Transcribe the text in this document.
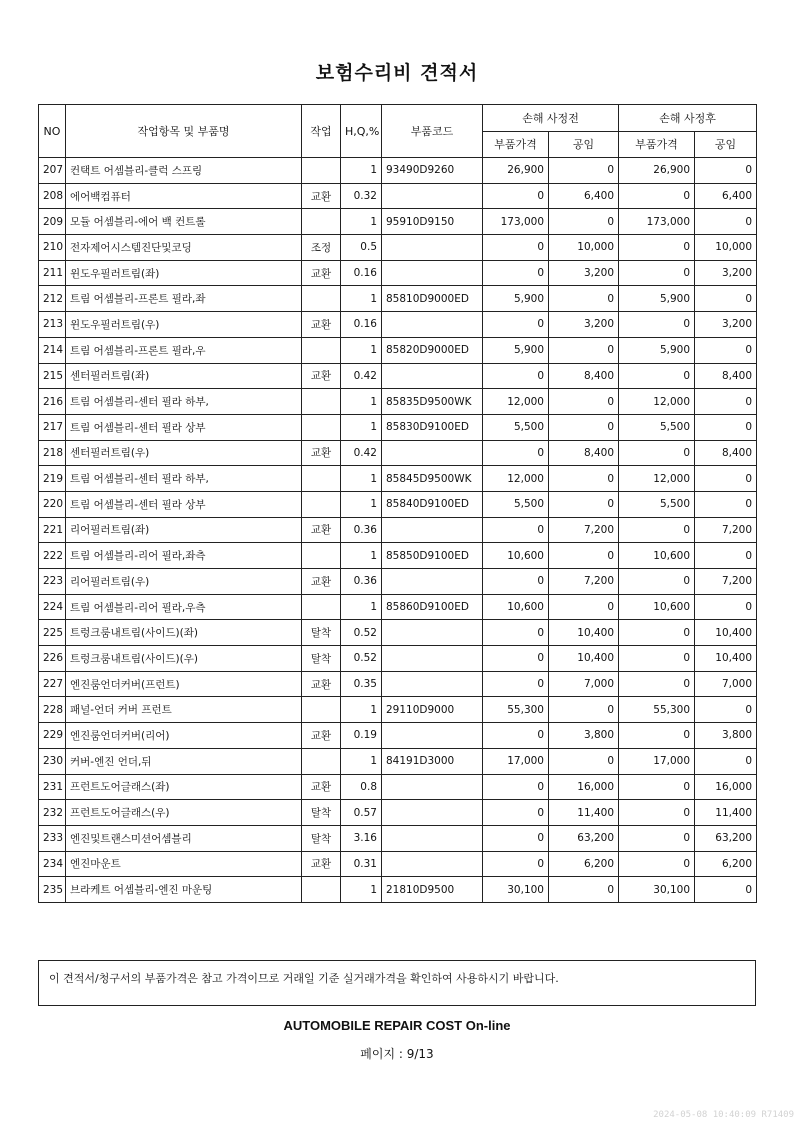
보험수리비 견적서
NO	작업항목 및 부품명	작업	H,Q,%	부품코드	손해 사정전		손해 사정후	
					부품가격	공임	부품가격	공임
207	컨택트 어셈블리-클럭 스프링		1	93490D9260	26,900	0	26,900	0
208	에어백컴퓨터	교환	0.32		0	6,400	0	6,400
209	모듈 어셈블리-에어 백 컨트롤		1	95910D9150	173,000	0	173,000	0
210	전자제어시스템진단및코딩	조정	0.5		0	10,000	0	10,000
211	윈도우필러트림(좌)	교환	0.16		0	3,200	0	3,200
212	트림 어셈블리-프론트 필라,좌		1	85810D9000ED	5,900	0	5,900	0
213	윈도우필러트림(우)	교환	0.16		0	3,200	0	3,200
214	트림 어셈블리-프론트 필라,우		1	85820D9000ED	5,900	0	5,900	0
215	센터필러트림(좌)	교환	0.42		0	8,400	0	8,400
216	트림 어셈블리-센터 필라 하부,		1	85835D9500WK	12,000	0	12,000	0
217	트림 어셈블리-센터 필라 상부		1	85830D9100ED	5,500	0	5,500	0
218	센터필러트림(우)	교환	0.42		0	8,400	0	8,400
219	트림 어셈블리-센터 필라 하부,		1	85845D9500WK	12,000	0	12,000	0
220	트림 어셈블리-센터 필라 상부		1	85840D9100ED	5,500	0	5,500	0
221	리어필러트림(좌)	교환	0.36		0	7,200	0	7,200
222	트림 어셈블리-리어 필라,좌측		1	85850D9100ED	10,600	0	10,600	0
223	리어필러트림(우)	교환	0.36		0	7,200	0	7,200
224	트림 어셈블리-리어 필라,우측		1	85860D9100ED	10,600	0	10,600	0
225	트렁크룸내트림(사이드)(좌)	탈착	0.52		0	10,400	0	10,400
226	트렁크룸내트림(사이드)(우)	탈착	0.52		0	10,400	0	10,400
227	엔진룸언더커버(프런트)	교환	0.35		0	7,000	0	7,000
228	패널-언더 커버 프런트		1	29110D9000	55,300	0	55,300	0
229	엔진룸언더커버(리어)	교환	0.19		0	3,800	0	3,800
230	커버-엔진 언더,뒤		1	84191D3000	17,000	0	17,000	0
231	프런트도어글래스(좌)	교환	0.8		0	16,000	0	16,000
232	프런트도어글래스(우)	탈착	0.57		0	11,400	0	11,400
233	엔진및트랜스미션어셈블리	탈착	3.16		0	63,200	0	63,200
234	엔진마운트	교환	0.31		0	6,200	0	6,200
235	브라케트 어셈블리-엔진 마운팅		1	21810D9500	30,100	0	30,100	0
이 견적서/청구서의 부품가격은 참고 가격이므로 거래일 기준 실거래가격을 확인하여 사용하시기 바랍니다.
AUTOMOBILE REPAIR COST On-line
페이지 : 9/13
2024-05-08 10:40:09 R71409
